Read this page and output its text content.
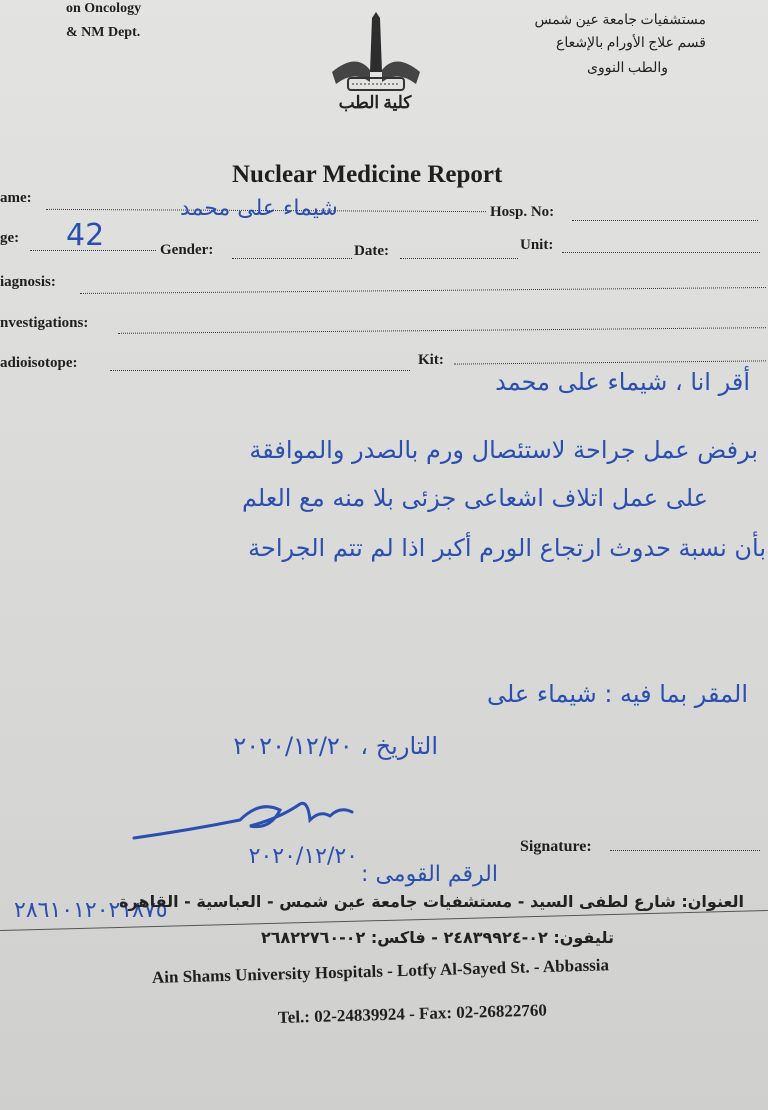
on Oncology
& NM Dept.
مستشفيات جامعة عين شمس
قسم علاج الأورام بالإشعاع
والطب النووى
كلية الطب
Nuclear Medicine Report
ame:	شيماء على محمد	Hosp. No:
ge: 42	Gender:	Date:	Unit:
iagnosis:
nvestigations:
adioisotope:	Kit:
أقر انا ، شيماء على محمد
برفض عمل جراحة لاستئصال ورم بالصدر والموافقة
على عمل اتلاف اشعاعى جزئى بلا منه مع العلم
بأن نسبة حدوث ارتجاع الورم أكبر اذا لم تتم الجراحة
المقر بما فيه : شيماء على
التاريخ ، ٢٠٢٠/١٢/٢٠
٢٠٢٠/١٢/٢٠	Signature:
الرقم القومى :
٢٨٦١٠١٢٠٢١٨٧٥
العنوان: شارع لطفى السيد - مستشفيات جامعة عين شمس - العباسية - القاهرة
تليفون: ٠٢-٢٤٨٣٩٩٢٤ - فاكس: ٠٢-٢٦٨٢٢٧٦٠
Ain Shams University Hospitals - Lotfy Al-Sayed St. - Abbassia
Tel.: 02-24839924 - Fax: 02-26822760
